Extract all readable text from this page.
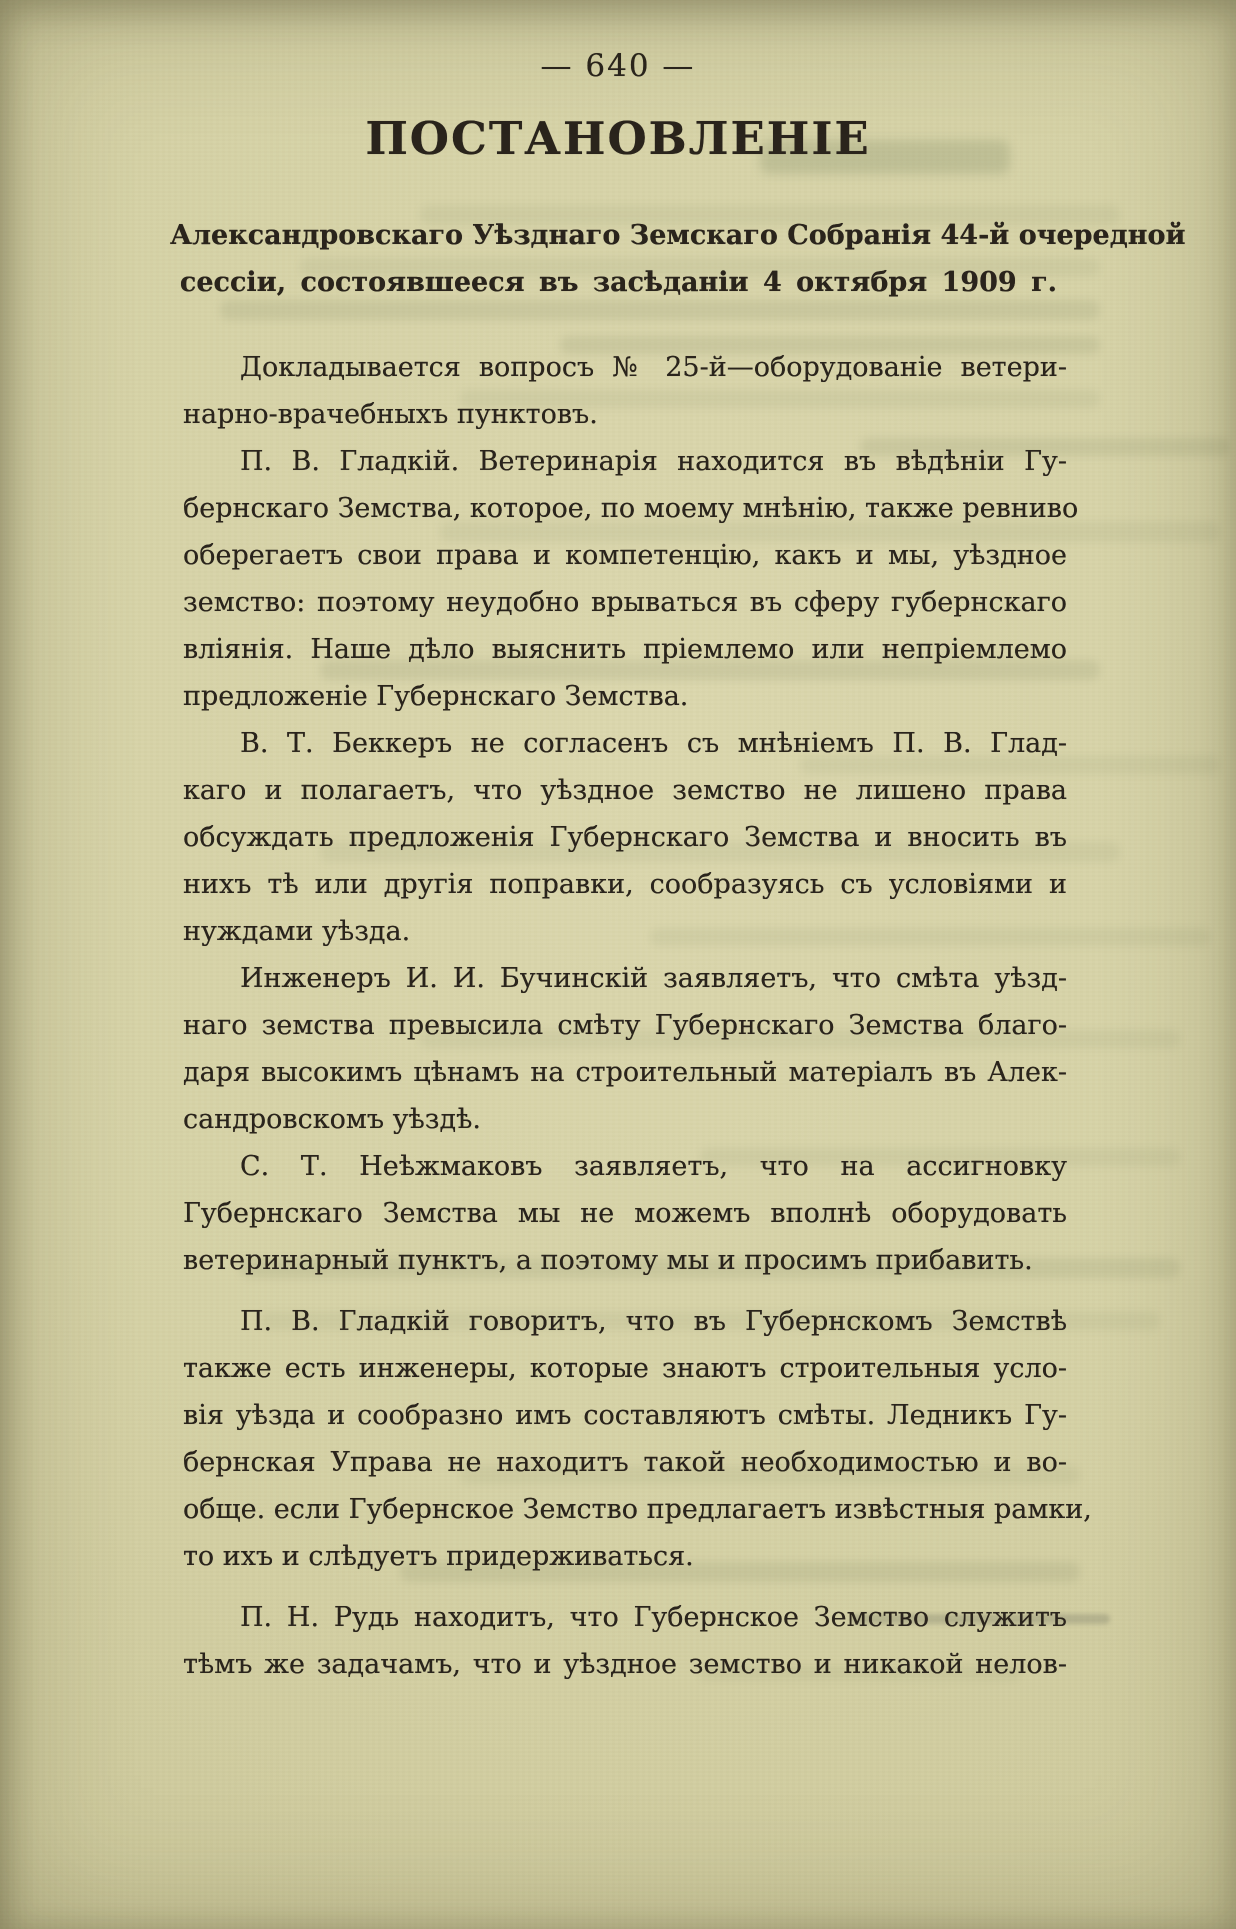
— 640 —
ПОСТАНОВЛЕНІЕ
Александровскаго Уѣзднаго Земскаго Собранія 44-й очередной
сессіи, состоявшееся въ засѣданіи 4 октября 1909 г.
Докладывается вопросъ № 25-й—оборудованіе ветери-
нарно-врачебныхъ пунктовъ.
П. В. Гладкій. Ветеринарія находится въ вѣдѣніи Гу-
бернскаго Земства, которое, по моему мнѣнію, также ревниво
оберегаетъ свои права и компетенцію, какъ и мы, уѣздное
земство: поэтому неудобно врываться въ сферу губернскаго
вліянія. Наше дѣло выяснить пріемлемо или непріемлемо
предложеніе Губернскаго Земства.
В. Т. Беккеръ не согласенъ съ мнѣніемъ П. В. Глад-
каго и полагаетъ, что уѣздное земство не лишено права
обсуждать предложенія Губернскаго Земства и вносить въ
нихъ тѣ или другія поправки, сообразуясь съ условіями и
нуждами уѣзда.
Инженеръ И. И. Бучинскій заявляетъ, что смѣта уѣзд-
наго земства превысила смѣту Губернскаго Земства благо-
даря высокимъ цѣнамъ на строительный матеріалъ въ Алек-
сандровскомъ уѣздѣ.
С. Т. Неѣжмаковъ заявляетъ, что на ассигновку
Губернскаго Земства мы не можемъ вполнѣ оборудовать
ветеринарный пунктъ, а поэтому мы и просимъ прибавить.
П. В. Гладкій говоритъ, что въ Губернскомъ Земствѣ
также есть инженеры, которые знаютъ строительныя усло-
вія уѣзда и сообразно имъ составляютъ смѣты. Ледникъ Гу-
бернская Управа не находитъ такой необходимостью и во-
обще. если Губернское Земство предлагаетъ извѣстныя рамки,
то ихъ и слѣдуетъ придерживаться.
П. Н. Рудь находитъ, что Губернское Земство служитъ
тѣмъ же задачамъ, что и уѣздное земство и никакой нелов-
